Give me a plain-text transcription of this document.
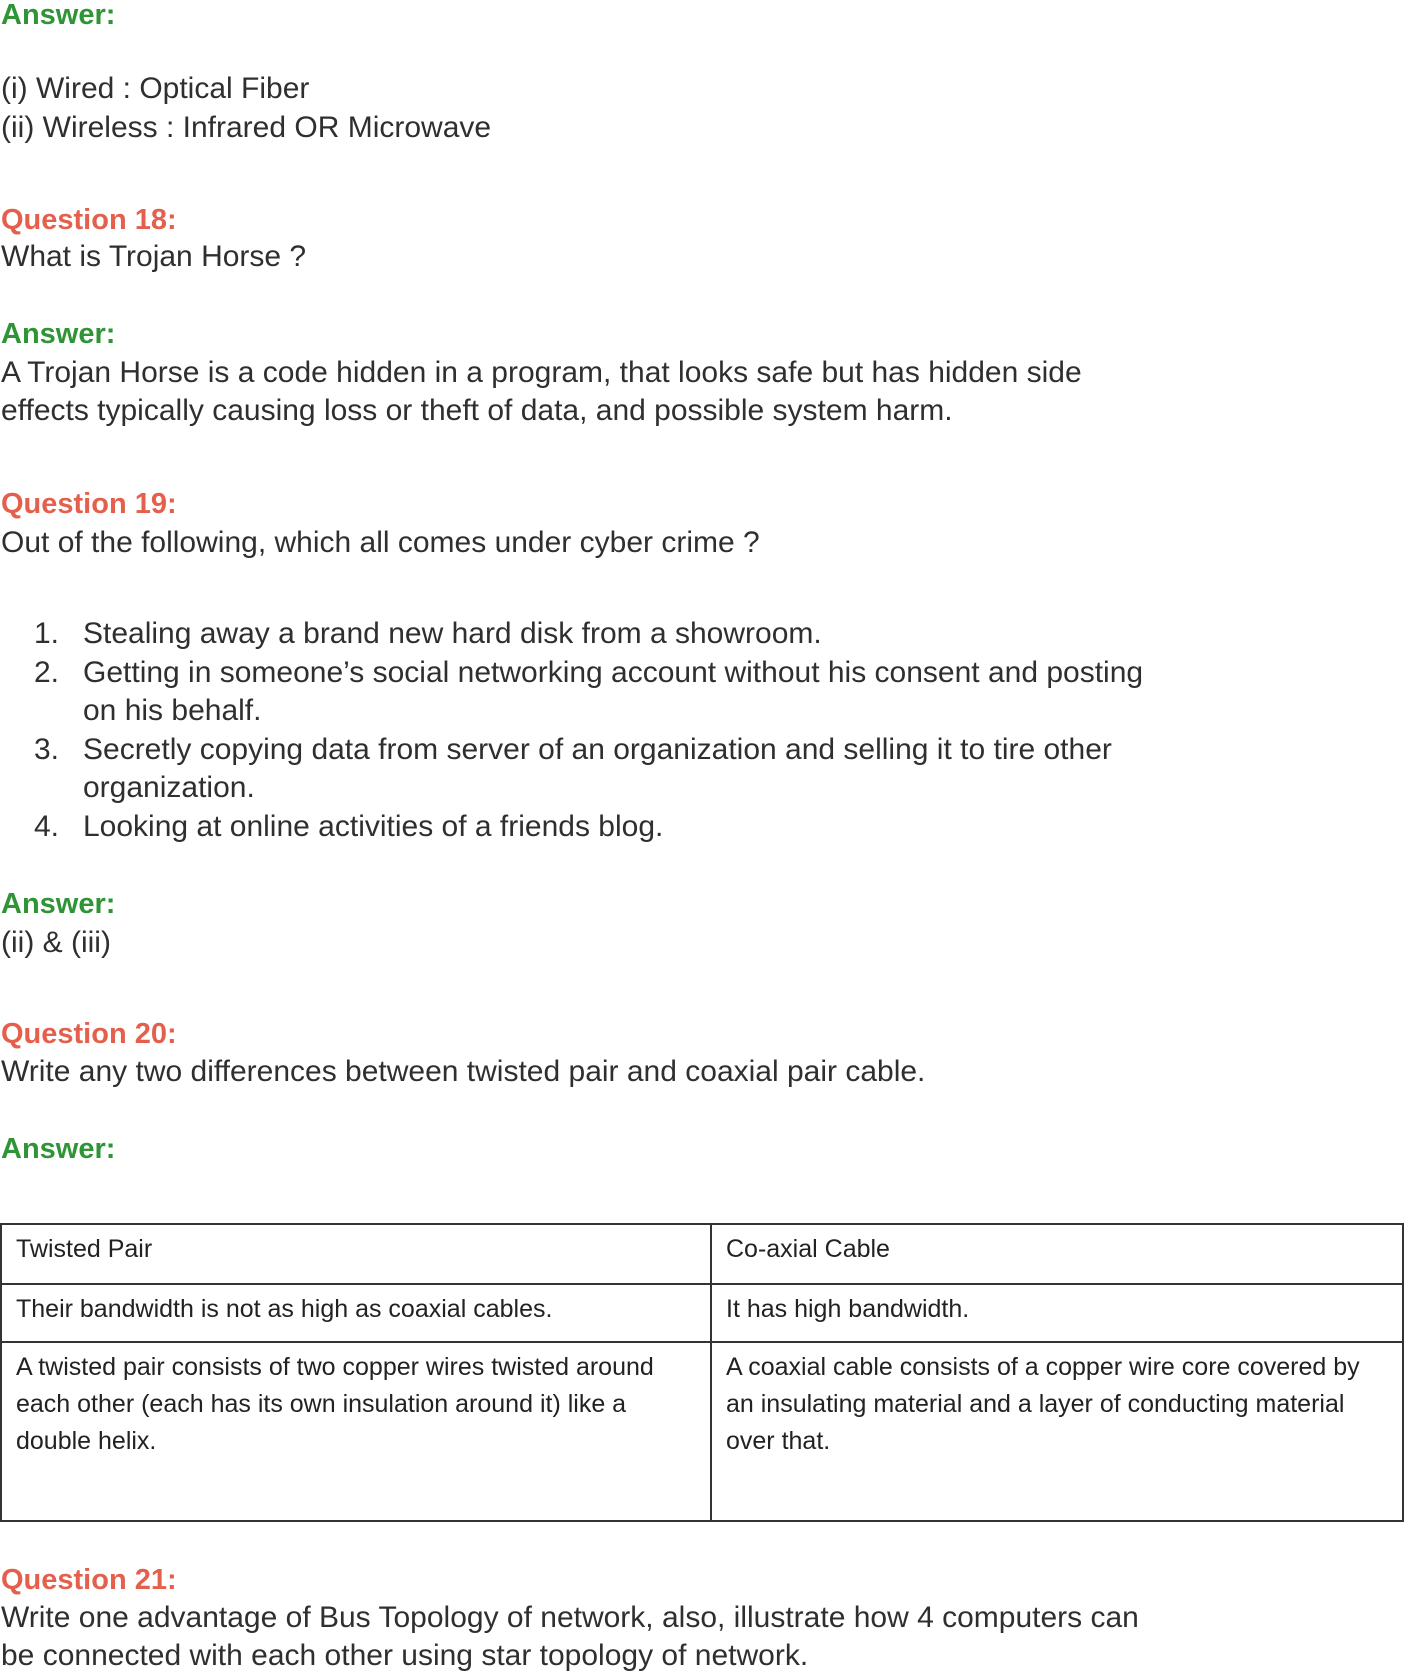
Answer:
(i) Wired : Optical Fiber
(ii) Wireless : Infrared OR Microwave
Question 18:
What is Trojan Horse ?
Answer:
A Trojan Horse is a code hidden in a program, that looks safe but has hidden side
effects typically causing loss or theft of data, and possible system harm.
Question 19:
Out of the following, which all comes under cyber crime ?
1. Stealing away a brand new hard disk from a showroom.
2. Getting in someone’s social networking account without his consent and posting
on his behalf.
3. Secretly copying data from server of an organization and selling it to tire other
organization.
4. Looking at online activities of a friends blog.
Answer:
(ii) & (iii)
Question 20:
Write any two differences between twisted pair and coaxial pair cable.
Answer:
Twisted Pair	Co-axial Cable
Their bandwidth is not as high as coaxial cables.	It has high bandwidth.
A twisted pair consists of two copper wires twisted around each other (each has its own insulation around it) like a double helix.	A coaxial cable consists of a copper wire core covered by an insulating material and a layer of conducting material over that.
Question 21:
Write one advantage of Bus Topology of network, also, illustrate how 4 computers can
be connected with each other using star topology of network.
